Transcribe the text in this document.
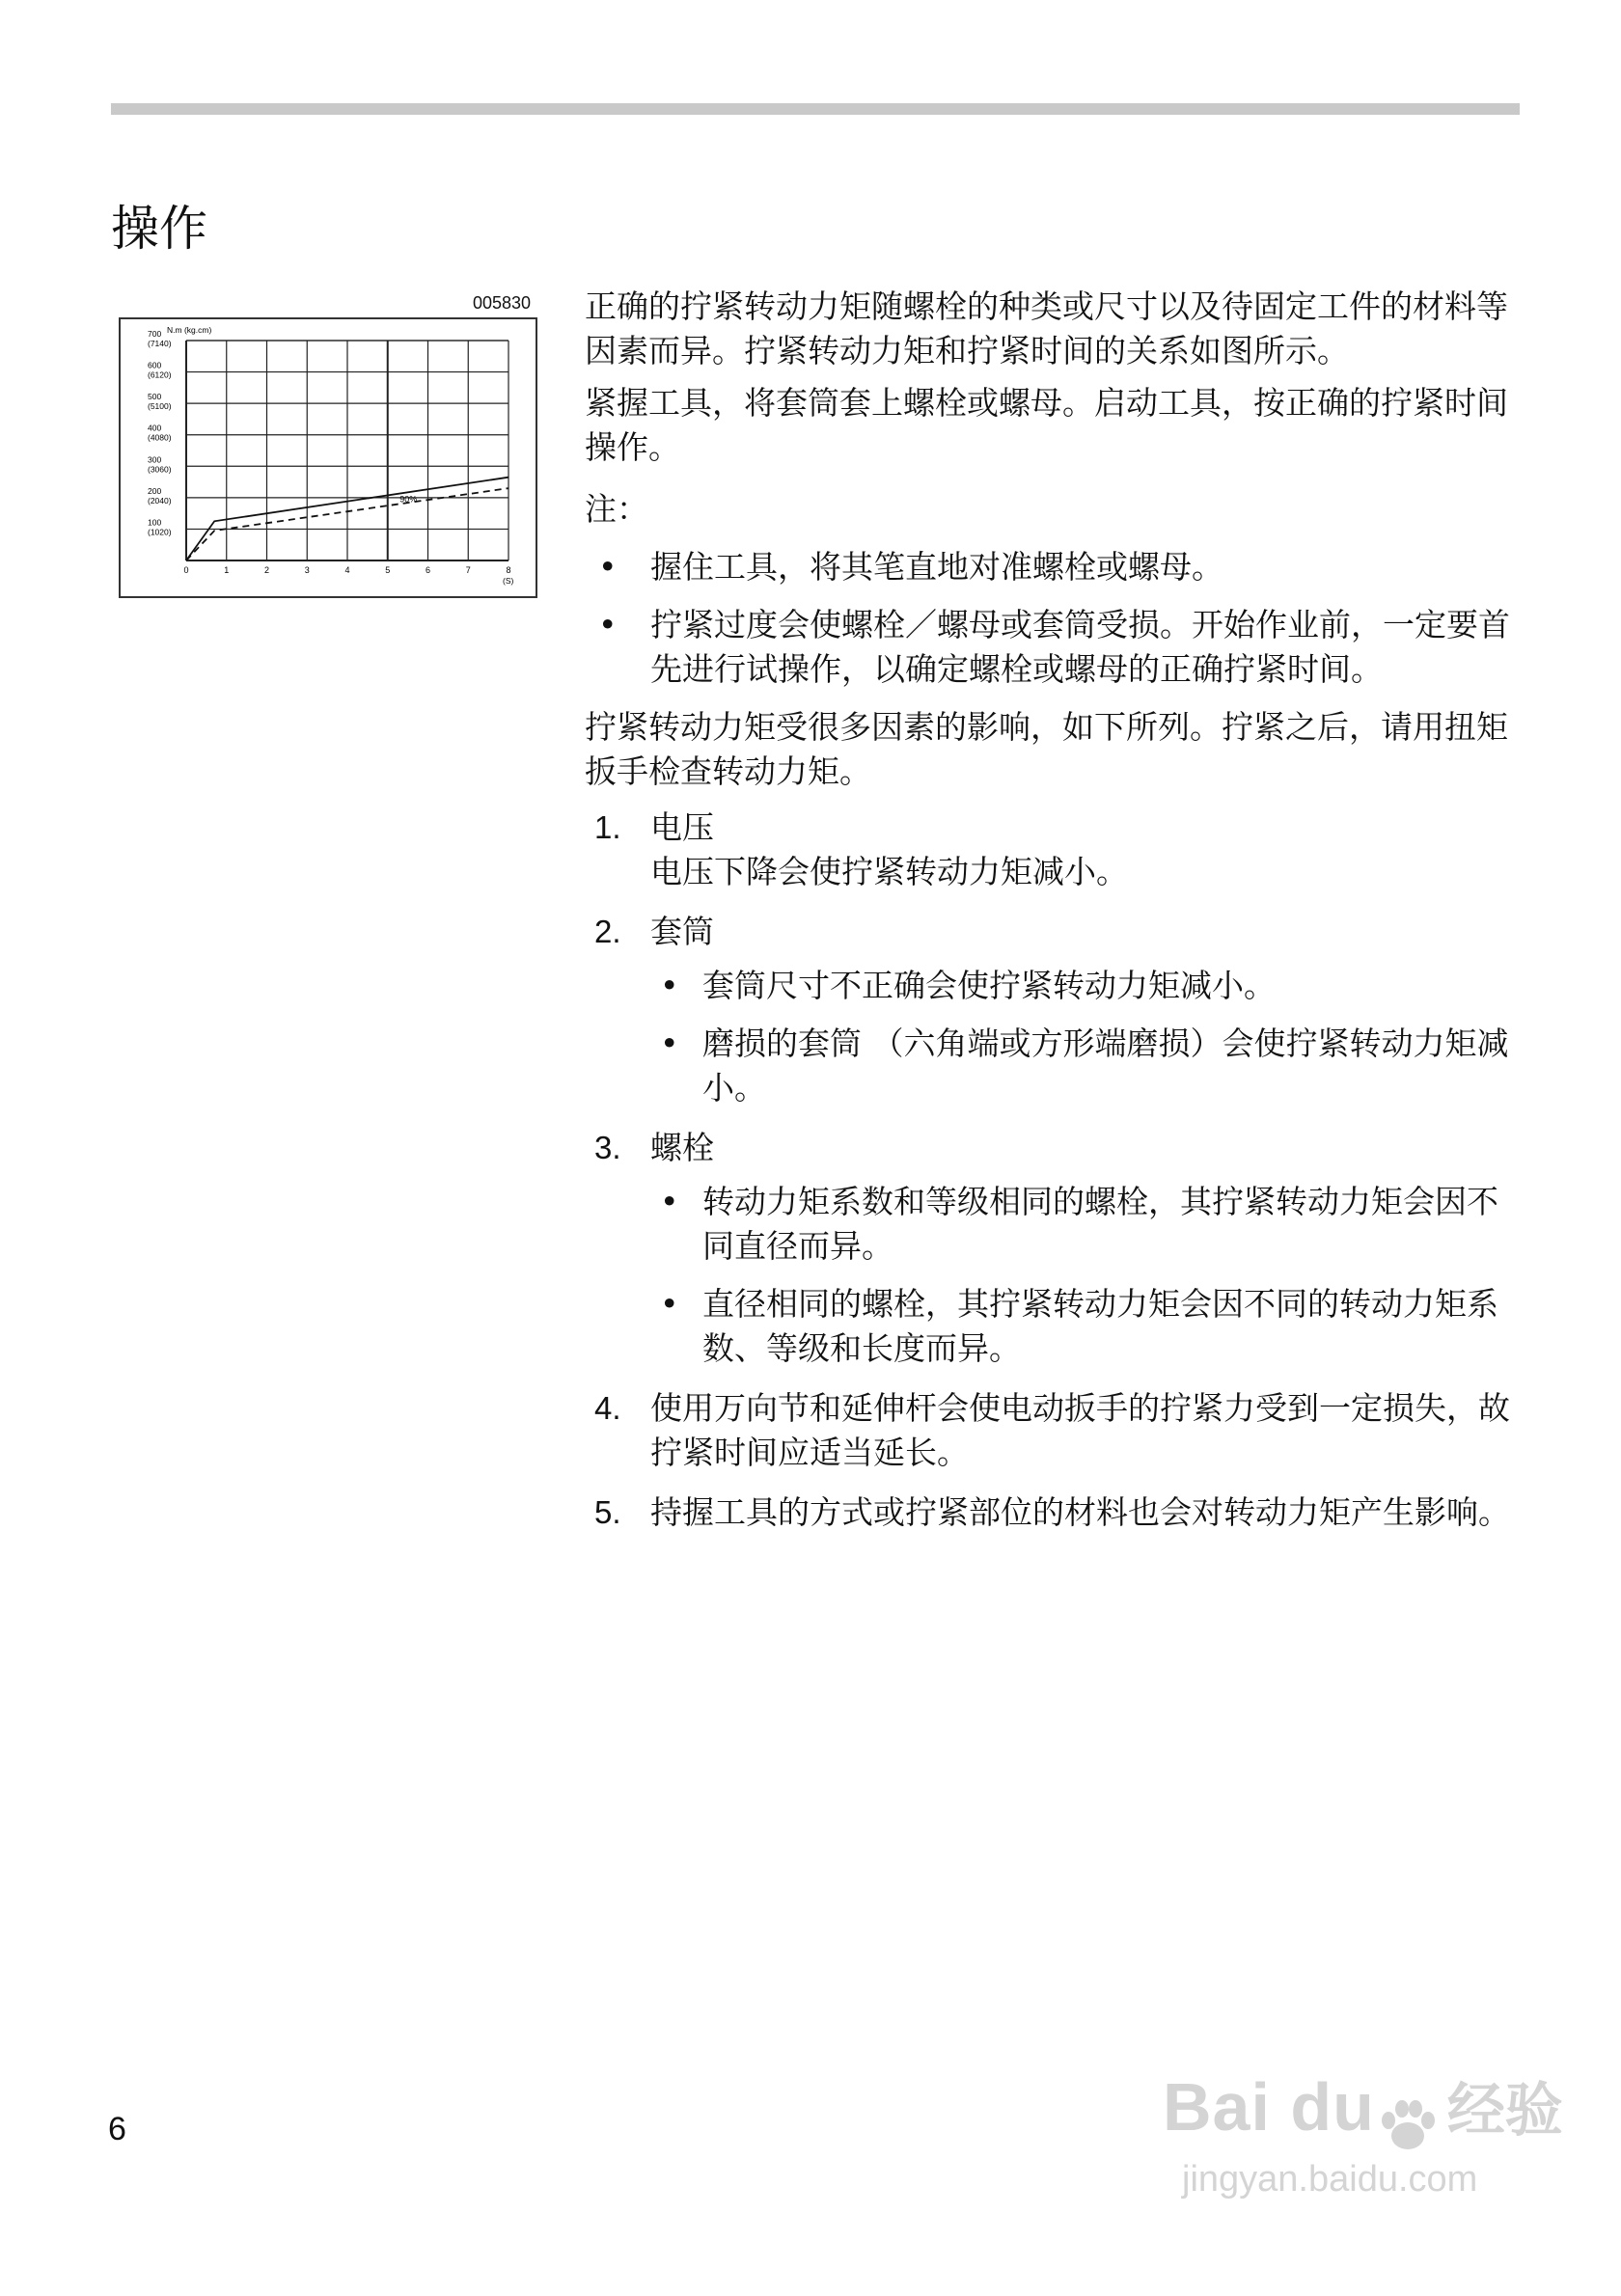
操作
005830
0	1	2	3	4	5	6	7	8
100
(1020)
200
(2040)
300
(3060)
400
(4080)
500
(5100)
600
(6120)
700
(7140)
N.m (kg.cm)
(S)
90%

正确的拧紧转动力矩随螺栓的种类或尺寸以及待固定工件的材料等因素而异。拧紧转动力矩和拧紧时间的关系如图所示。

紧握工具，将套筒套上螺栓或螺母。启动工具，按正确的拧紧时间操作。

注：
• 握住工具，将其笔直地对准螺栓或螺母。
• 拧紧过度会使螺栓／螺母或套筒受损。开始作业前，一定要首先进行试操作，以确定螺栓或螺母的正确拧紧时间。

拧紧转动力矩受很多因素的影响，如下所列。拧紧之后，请用扭矩扳手检查转动力矩。

1. 电压
电压下降会使拧紧转动力矩减小。
2. 套筒
• 套筒尺寸不正确会使拧紧转动力矩减小。
• 磨损的套筒 （六角端或方形端磨损）会使拧紧转动力矩减小。
3. 螺栓
• 转动力矩系数和等级相同的螺栓，其拧紧转动力矩会因不同直径而异。
• 直径相同的螺栓，其拧紧转动力矩会因不同的转动力矩系数、等级和长度而异。
4. 使用万向节和延伸杆会使电动扳手的拧紧力受到一定损失，故拧紧时间应适当延长。
5. 持握工具的方式或拧紧部位的材料也会对转动力矩产生影响。
6	Bai du 经验
jingyan.baidu.com
